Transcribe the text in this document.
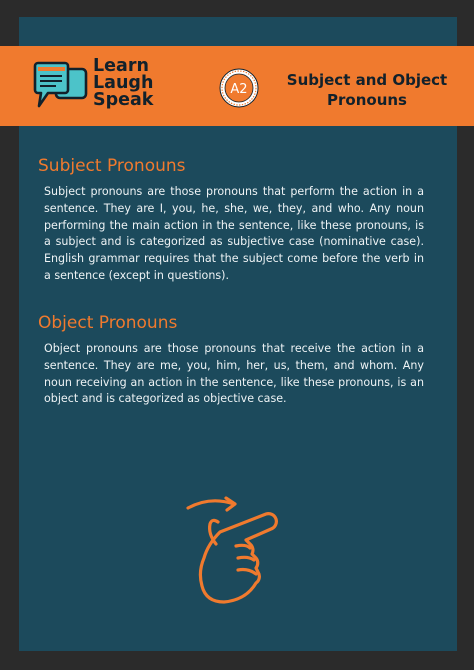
Learn
Laugh
Speak
A2
Subject and Object
Pronouns
Subject Pronouns

Subject pronouns are those pronouns that perform the action in a sentence. They are I, you, he, she, we, they, and who. Any noun performing the main action in the sentence, like these pronouns, is a subject and is categorized as subjective case (nominative case). English grammar requires that the subject come before the verb in a sentence (except in questions).

Object Pronouns

Object pronouns are those pronouns that receive the action in a sentence. They are me, you, him, her, us, them, and whom. Any noun receiving an action in the sentence, like these pronouns, is an object and is categorized as objective case.
